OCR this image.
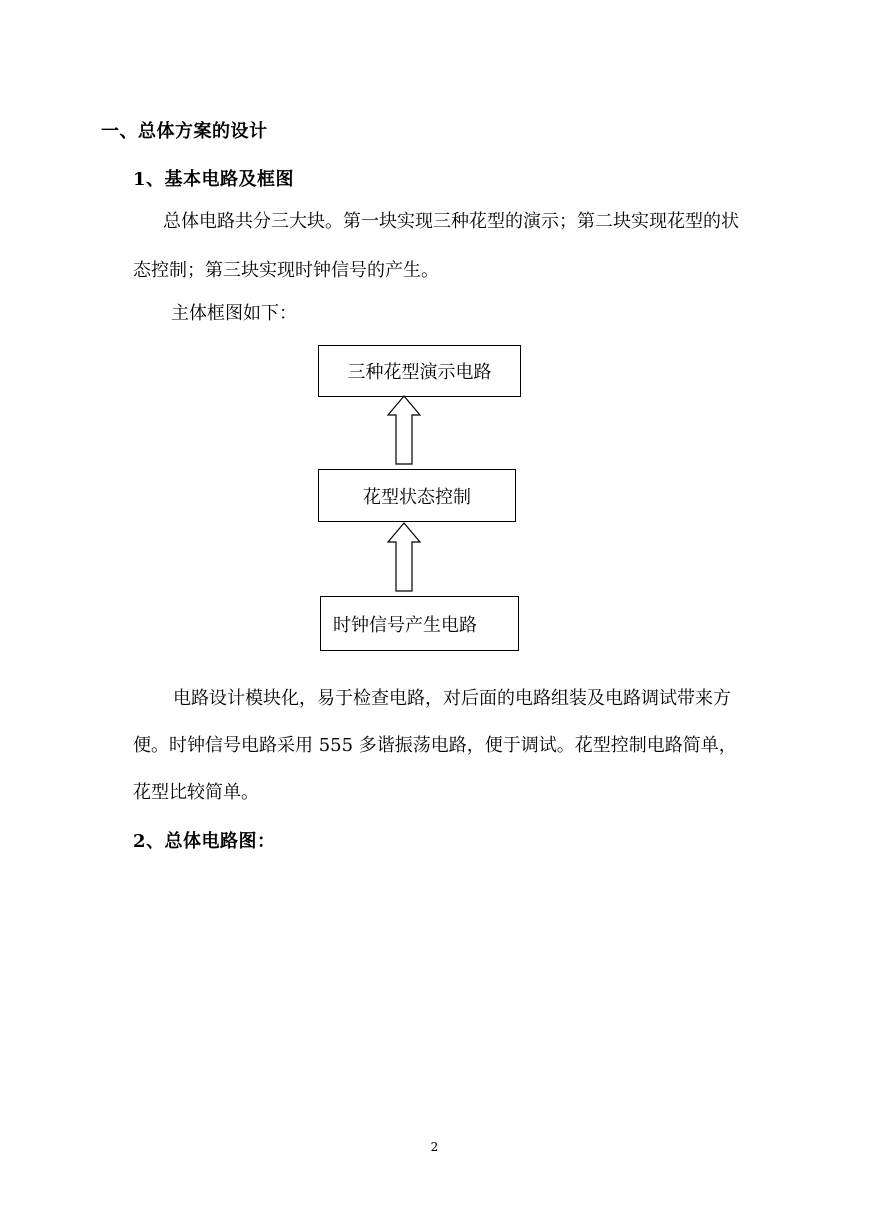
一、总体方案的设计
1、基本电路及框图
总体电路共分三大块。第一块实现三种花型的演示；第二块实现花型的状
态控制；第三块实现时钟信号的产生。
主体框图如下：
三种花型演示电路
花型状态控制
时钟信号产生电路
电路设计模块化，易于检查电路，对后面的电路组装及电路调试带来方
便。时钟信号电路采用 555 多谐振荡电路，便于调试。花型控制电路简单，
花型比较简单。
2、总体电路图：
2
